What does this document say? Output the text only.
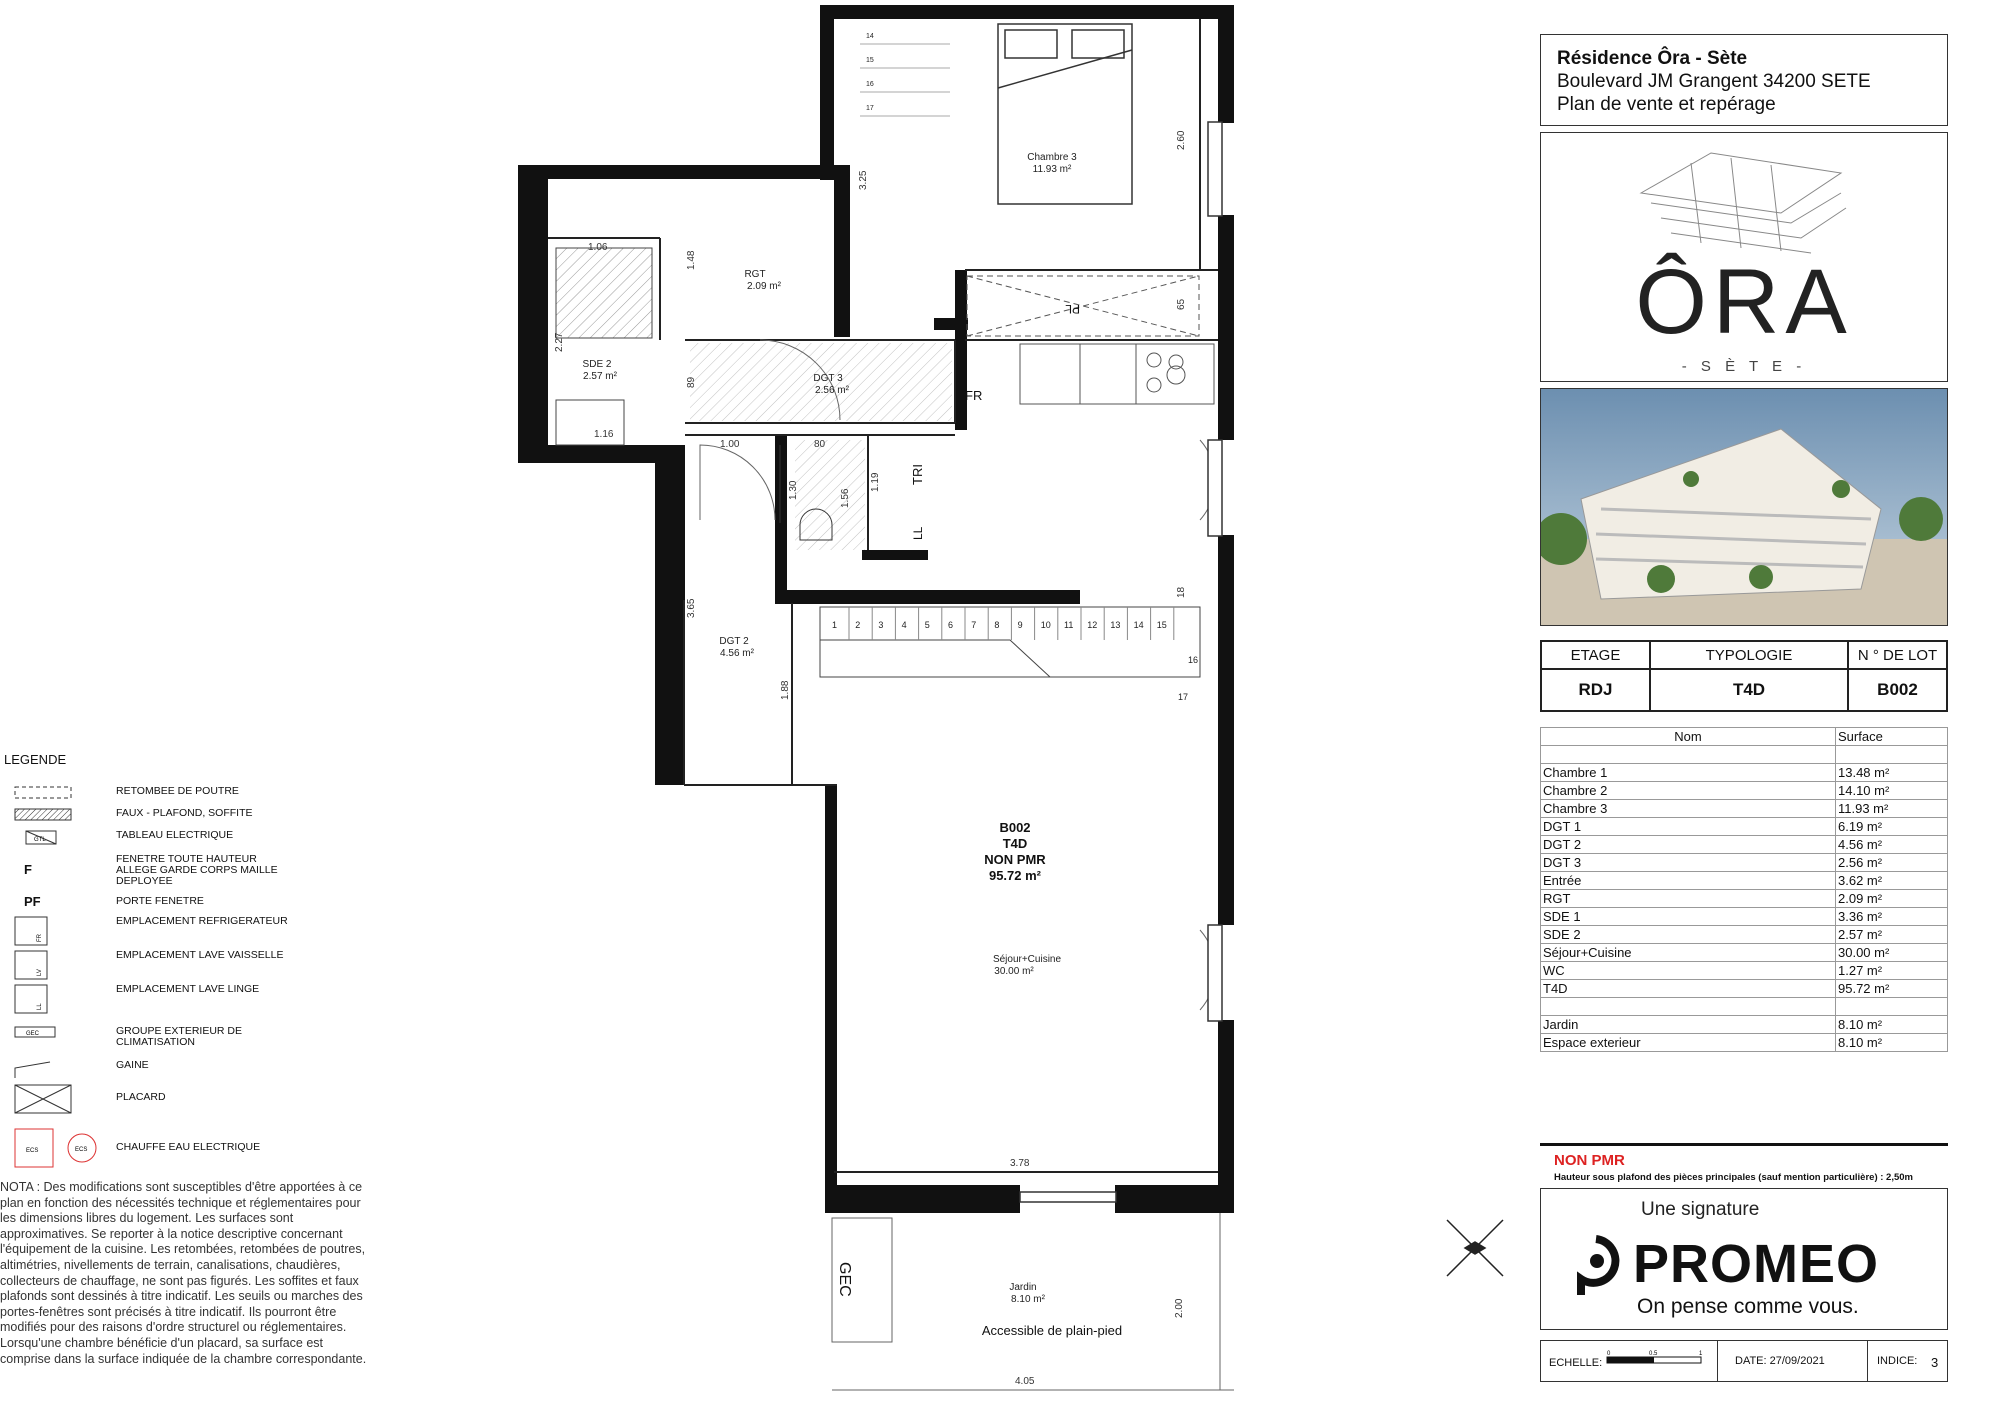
1 2 3 4 5 6 7 8 9 10 11 12 13 14 15
16
17
14
15
16
17
Chambre 3
11.93 m²
RGT
2.09 m²
SDE 2
2.57 m²	DGT 3
2.56 m²
DGT 2
4.56 m²
Séjour+Cuisine
30.00 m²
Jardin
8.10 m²
B002
T4D
NON PMR
95.72 m²
Accessible de plain-pied
FR
TRI
LL
PL
GEC
3.25
2.60
65
1.06
1.48
2.27
1.16
89
1.00	80
1.30	1.56
1.19
3.65
1.88
18
3.78
2.00
4.05
LEGENDE
RETOMBEE DE POUTRE
FAUX - PLAFOND, SOFFITE
GTL	TABLEAU ELECTRIQUE
F
FENETRE TOUTE HAUTEUR ALLEGE GARDE CORPS MAILLE DEPLOYEE
PF	PORTE FENETRE
FR
EMPLACEMENT REFRIGERATEUR
LV
EMPLACEMENT LAVE VAISSELLE
LL
EMPLACEMENT LAVE LINGE
GEC	GROUPE EXTERIEUR DE CLIMATISATION
GAINE
PLACARD
ECS	ECS	CHAUFFE EAU ELECTRIQUE
NOTA : Des modifications sont susceptibles d'être apportées à ce plan en fonction des nécessités technique et réglementaires pour les dimensions libres du logement. Les surfaces sont approximatives. Se reporter à la notice descriptive concernant l'équipement de la cuisine. Les retombées, retombées de poutres, altimétries, nivellements de terrain, canalisations, chaudières, collecteurs de chauffage, ne sont pas figurés. Les soffites et faux plafonds sont dessinés à titre indicatif. Les seuils ou marches des portes-fenêtres sont précisés à titre indicatif. Ils pourront être modifiés pour des raisons d'ordre structurel ou réglementaires. Lorsqu'une chambre bénéficie d'un placard, sa surface est comprise dans la surface indiquée de la chambre correspondante.
Résidence Ôra - Sète
Boulevard JM Grangent 34200 SETE
Plan de vente et repérage
ÔRA
- S È T E -
ETAGE	TYPOLOGIE	N ° DE LOT
RDJ	T4D	B002
Nom	Surface

Chambre 1	13.48 m²
Chambre 2	14.10 m²
Chambre 3	11.93 m²
DGT 1	6.19 m²
DGT 2	4.56 m²
DGT 3	2.56 m²
Entrée	3.62 m²
RGT	2.09 m²
SDE 1	3.36 m²
SDE 2	2.57 m²
Séjour+Cuisine	30.00 m²
WC	1.27 m²
T4D	95.72 m²

Jardin	8.10 m²
Espace exterieur	8.10 m²
NON PMR
Hauteur sous plafond des pièces principales (sauf mention particulière) : 2,50m
Une signature
PROMEO
On pense comme vous.
ECHELLE:
0	0.5	1
DATE: 27/09/2021	INDICE: 3
